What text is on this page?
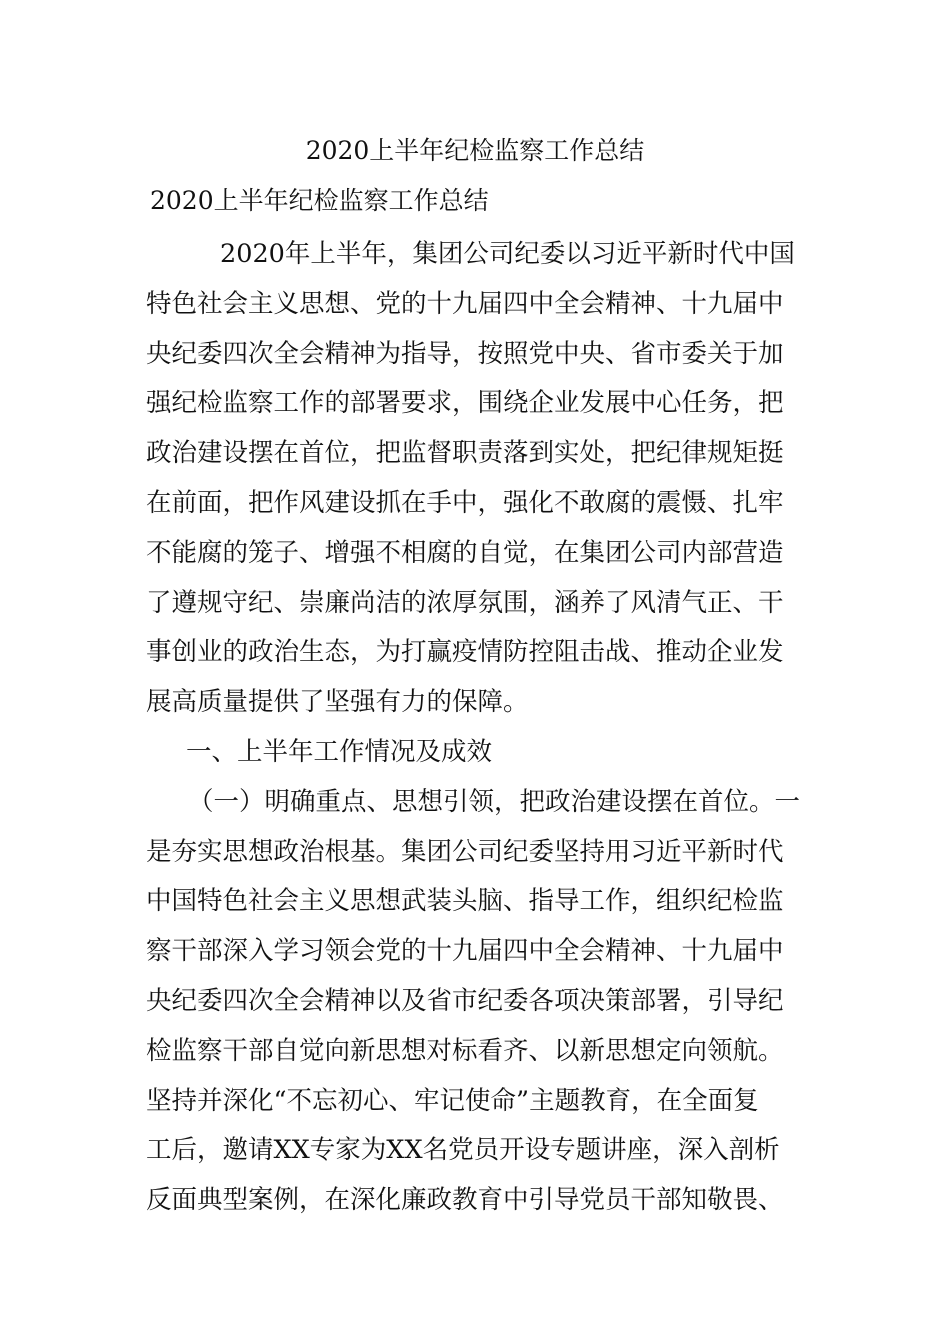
2020上半年纪检监察工作总结

2020上半年纪检监察工作总结

2020年上半年，集团公司纪委以习近平新时代中国

特色社会主义思想、党的十九届四中全会精神、十九届中

央纪委四次全会精神为指导，按照党中央、省市委关于加

强纪检监察工作的部署要求，围绕企业发展中心任务，把

政治建设摆在首位，把监督职责落到实处，把纪律规矩挺

在前面，把作风建设抓在手中，强化不敢腐的震慑、扎牢

不能腐的笼子、增强不相腐的自觉，在集团公司内部营造

了遵规守纪、崇廉尚洁的浓厚氛围，涵养了风清气正、干

事创业的政治生态，为打赢疫情防控阻击战、推动企业发

展高质量提供了坚强有力的保障。

一、上半年工作情况及成效

（一）明确重点、思想引领，把政治建设摆在首位。一

是夯实思想政治根基。集团公司纪委坚持用习近平新时代

中国特色社会主义思想武装头脑、指导工作，组织纪检监

察干部深入学习领会党的十九届四中全会精神、十九届中

央纪委四次全会精神以及省市纪委各项决策部署，引导纪

检监察干部自觉向新思想对标看齐、以新思想定向领航。

坚持并深化“不忘初心、牢记使命”主题教育，在全面复

工后，邀请XX专家为XX名党员开设专题讲座，深入剖析

反面典型案例，在深化廉政教育中引导党员干部知敬畏、
